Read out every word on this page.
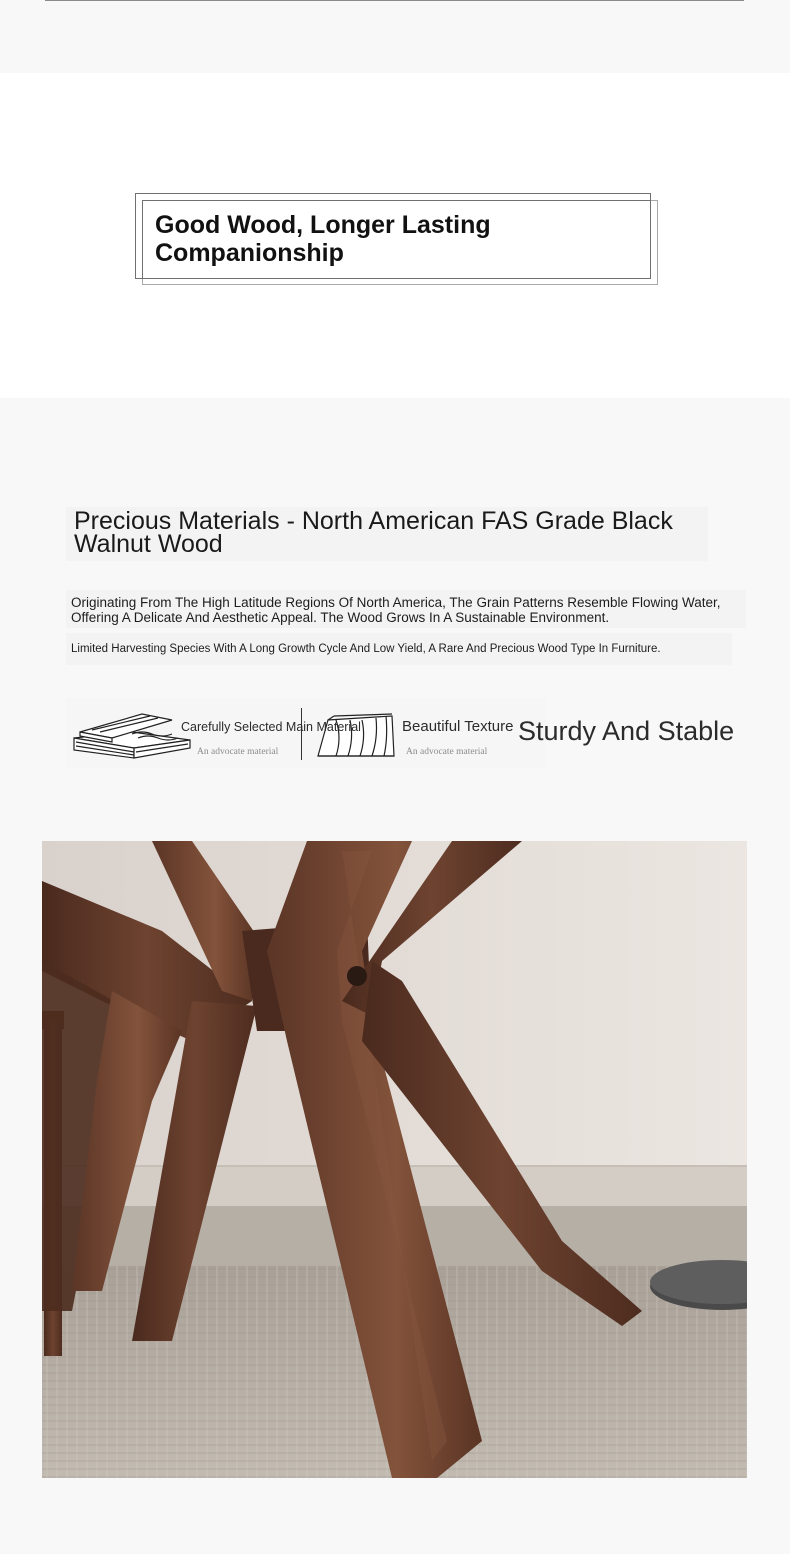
Good Wood, Longer Lasting Companionship
Precious Materials - North American FAS Grade Black Walnut Wood

Originating From The High Latitude Regions Of North America, The Grain Patterns Resemble Flowing Water, Offering A Delicate And Aesthetic Appeal. The Wood Grows In A Sustainable Environment.

Limited Harvesting Species With A Long Growth Cycle And Low Yield, A Rare And Precious Wood Type In Furniture.

Carefully Selected Main Material
An advocate material
Beautiful Texture
An advocate material
Sturdy And Stable
